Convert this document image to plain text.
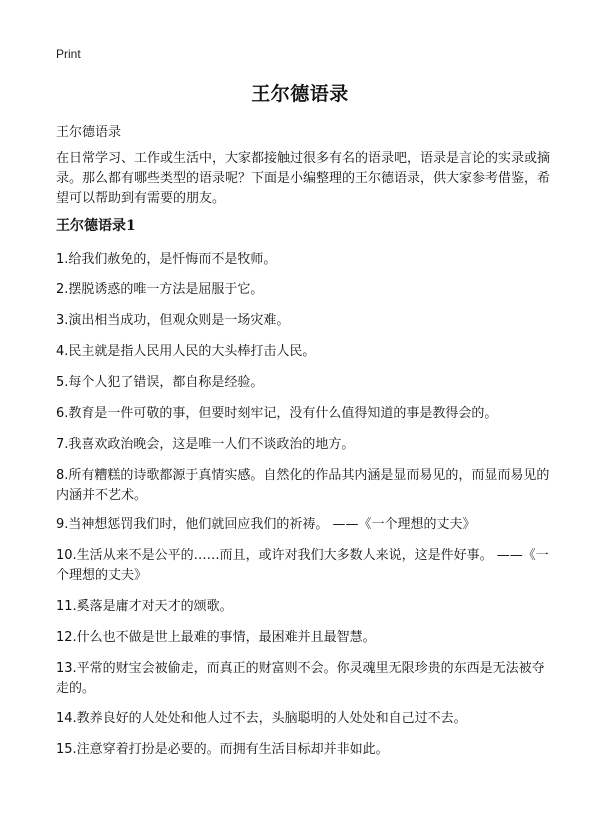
Print
王尔德语录
王尔德语录
在日常学习、工作或生活中，大家都接触过很多有名的语录吧，语录是言论的实录或摘录。那么都有哪些类型的语录呢？下面是小编整理的王尔德语录，供大家参考借鉴，希望可以帮助到有需要的朋友。
王尔德语录1
1.给我们赦免的，是忏悔而不是牧师。
2.摆脱诱惑的唯一方法是屈服于它。
3.演出相当成功，但观众则是一场灾难。
4.民主就是指人民用人民的大头棒打击人民。
5.每个人犯了错误，都自称是经验。
6.教育是一件可敬的事，但要时刻牢记，没有什么值得知道的事是教得会的。
7.我喜欢政治晚会，这是唯一人们不谈政治的地方。
8.所有糟糕的诗歌都源于真情实感。自然化的作品其内涵是显而易见的，而显而易见的内涵并不艺术。
9.当神想惩罚我们时，他们就回应我们的祈祷。 ——《一个理想的丈夫》
10.生活从来不是公平的……而且，或许对我们大多数人来说，这是件好事。 ——《一个理想的丈夫》
11.奚落是庸才对天才的颂歌。
12.什么也不做是世上最难的事情，最困难并且最智慧。
13.平常的财宝会被偷走，而真正的财富则不会。你灵魂里无限珍贵的东西是无法被夺走的。
14.教养良好的人处处和他人过不去，头脑聪明的人处处和自己过不去。
15.注意穿着打扮是必要的。而拥有生活目标却并非如此。
